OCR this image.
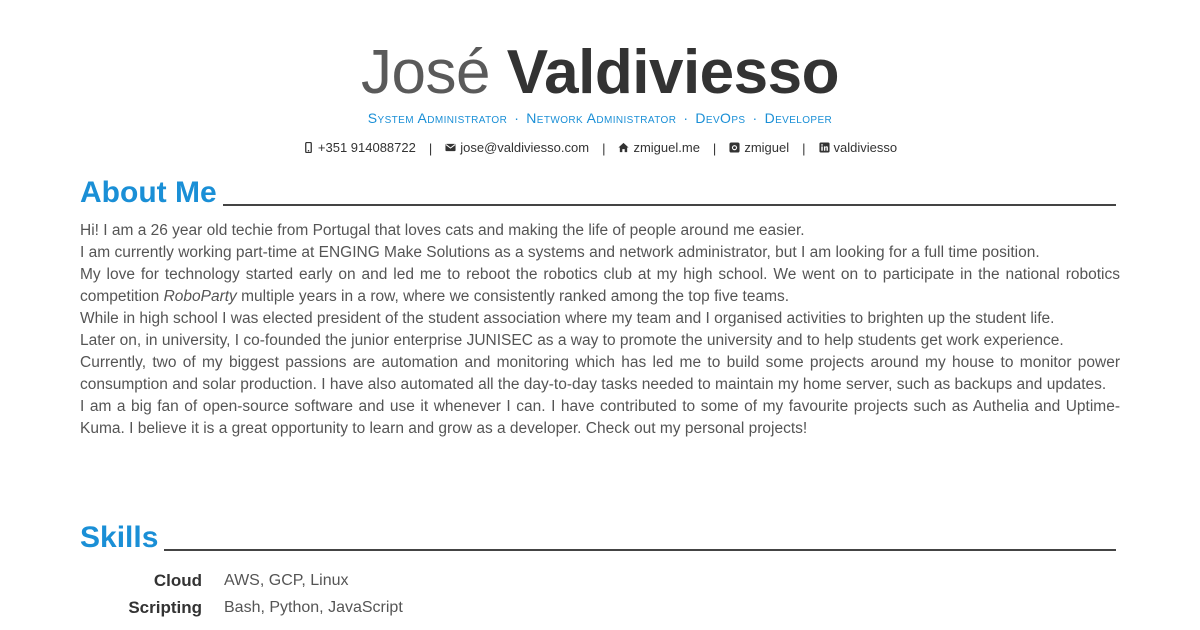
José Valdiviesso
System Administrator · Network Administrator · DevOps · Developer
+351 914088722 | jose@valdiviesso.com | zmiguel.me | zmiguel | valdiviesso
About Me

Hi! I am a 26 year old techie from Portugal that loves cats and making the life of people around me easier.

I am currently working part-time at ENGING Make Solutions as a systems and network administrator, but I am looking for a full time position.

My love for technology started early on and led me to reboot the robotics club at my high school. We went on to participate in the national robotics competition RoboParty multiple years in a row, where we consistently ranked among the top five teams.

While in high school I was elected president of the student association where my team and I organised activities to brighten up the student life.

Later on, in university, I co-founded the junior enterprise JUNISEC as a way to promote the university and to help students get work experience.

Currently, two of my biggest passions are automation and monitoring which has led me to build some projects around my house to monitor power consumption and solar production. I have also automated all the day-to-day tasks needed to maintain my home server, such as backups and updates.

I am a big fan of open-source software and use it whenever I can. I have contributed to some of my favourite projects such as Authelia and Uptime-Kuma. I believe it is a great opportunity to learn and grow as a developer. Check out my personal projects!

Skills
Cloud AWS, GCP, Linux
Scripting Bash, Python, JavaScript
